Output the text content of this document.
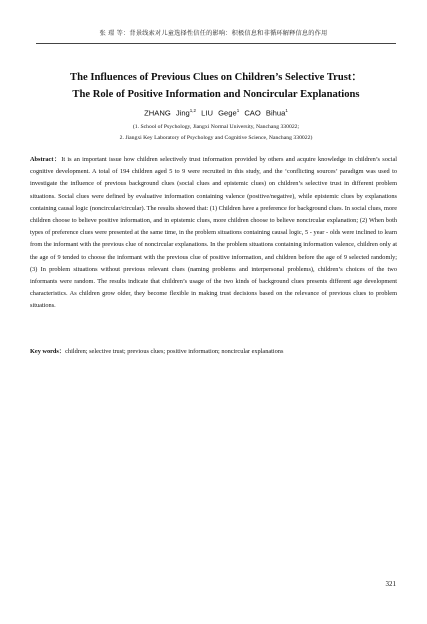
张 璟 等：背景线索对儿童选择性信任的影响：积极信息和非循环解释信息的作用
The Influences of Previous Clues on Children’s Selective Trust：
The Role of Positive Information and Noncircular Explanations
ZHANG Jing$^{1,2}$ LIU Gege$^1$ CAO Bihua$^1$
(1. School of Psychology, Jiangxi Normal University, Nanchang 330022;
2. Jiangxi Key Laboratory of Psychology and Cognitive Science, Nanchang 330022)
Abstract：It is an important issue how children selectively trust information provided by others and acquire knowledge in children’s social cognitive development. A total of 194 children aged 5 to 9 were recruited in this study, and the ‘conflicting sources’ paradigm was used to investigate the influence of previous background clues (social clues and epistemic clues) on children’s selective trust in different problem situations. Social clues were defined by evaluative information containing valence (positive/negative), while epistemic clues by explanations containing causal logic (noncircular/circular). The results showed that: (1) Children have a preference for background clues. In social clues, more children choose to believe positive information, and in epistemic clues, more children choose to believe noncircular explanation; (2) When both types of preference clues were presented at the same time, in the problem situations containing causal logic, 5 - year - olds were inclined to learn from the informant with the previous clue of noncircular explanations. In the problem situations containing information valence, children only at the age of 9 tended to choose the informant with the previous clue of positive information, and children before the age of 9 selected randomly; (3) In problem situations without previous relevant clues (naming problems and interpersonal problems), children’s choices of the two informants were random. The results indicate that children’s usage of the two kinds of background clues presents different age development characteristics. As children grow older, they become flexible in making trust decisions based on the relevance of previous clues to problem situations.
Key words：children; selective trust; previous clues; positive information; noncircular explanations
321
